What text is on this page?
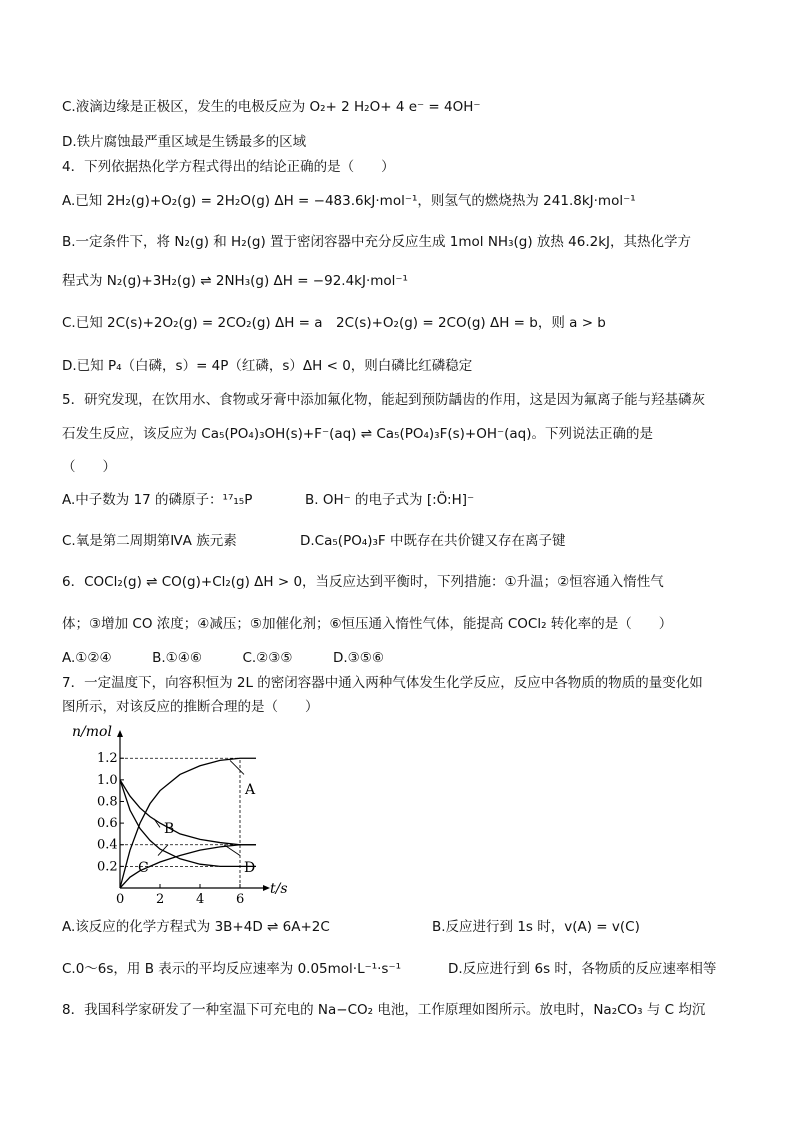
C.液滴边缘是正极区，发生的电极反应为 O₂+ 2 H₂O+ 4 e⁻ = 4OH⁻
D.铁片腐蚀最严重区域是生锈最多的区域
4．下列依据热化学方程式得出的结论正确的是（　　）
A.已知 2H₂(g)+O₂(g) = 2H₂O(g) ΔH = −483.6kJ·mol⁻¹，则氢气的燃烧热为 241.8kJ·mol⁻¹
B.一定条件下，将 N₂(g) 和 H₂(g) 置于密闭容器中充分反应生成 1mol NH₃(g) 放热 46.2kJ，其热化学方
程式为 N₂(g)+3H₂(g) ⇌ 2NH₃(g) ΔH = −92.4kJ·mol⁻¹
C.已知 2C(s)+2O₂(g) = 2CO₂(g) ΔH = a　2C(s)+O₂(g) = 2CO(g) ΔH = b，则 a > b
D.已知 P₄（白磷，s）= 4P（红磷，s）ΔH < 0，则白磷比红磷稳定
5．研究发现，在饮用水、食物或牙膏中添加氟化物，能起到预防龋齿的作用，这是因为氟离子能与羟基磷灰
石发生反应，该反应为 Ca₅(PO₄)₃OH(s)+F⁻(aq) ⇌ Ca₅(PO₄)₃F(s)+OH⁻(aq)。下列说法正确的是
（　　）
C.氧是第二周期第ⅣA 族元素
6．COCl₂(g) ⇌ CO(g)+Cl₂(g) ΔH > 0，当反应达到平衡时，下列措施：①升温；②恒容通入惰性气
体；③增加 CO 浓度；④减压；⑤加催化剂；⑥恒压通入惰性气体，能提高 COCl₂ 转化率的是（　　）
A.①②④　　　B.①④⑥　　　C.②③⑤　　　D.③⑤⑥
7．一定温度下，向容积恒为 2L 的密闭容器中通入两种气体发生化学反应，反应中各物质的物质的量变化如
图所示，对该反应的推断合理的是（　　）
A.该反应的化学方程式为 3B+4D ⇌ 6A+2C
C.0～6s，用 B 表示的平均反应速率为 0.05mol·L⁻¹·s⁻¹
8．我国科学家研发了一种室温下可充电的 Na−CO₂ 电池，工作原理如图所示。放电时，Na₂CO₃ 与 C 均沉
A.中子数为 17 的磷原子：¹⁷₁₅P	B. OH⁻ 的电子式为 [:Ö:H]⁻
D.Ca₅(PO₄)₃F 中既存在共价键又存在离子键
B.反应进行到 1s 时，v(A) = v(C)
D.反应进行到 6s 时，各物质的反应速率相等
n/mol
t/s
0 2 4 6
0.2
0.4
0.6
0.8
1.0
1.2
A
B
C	D
